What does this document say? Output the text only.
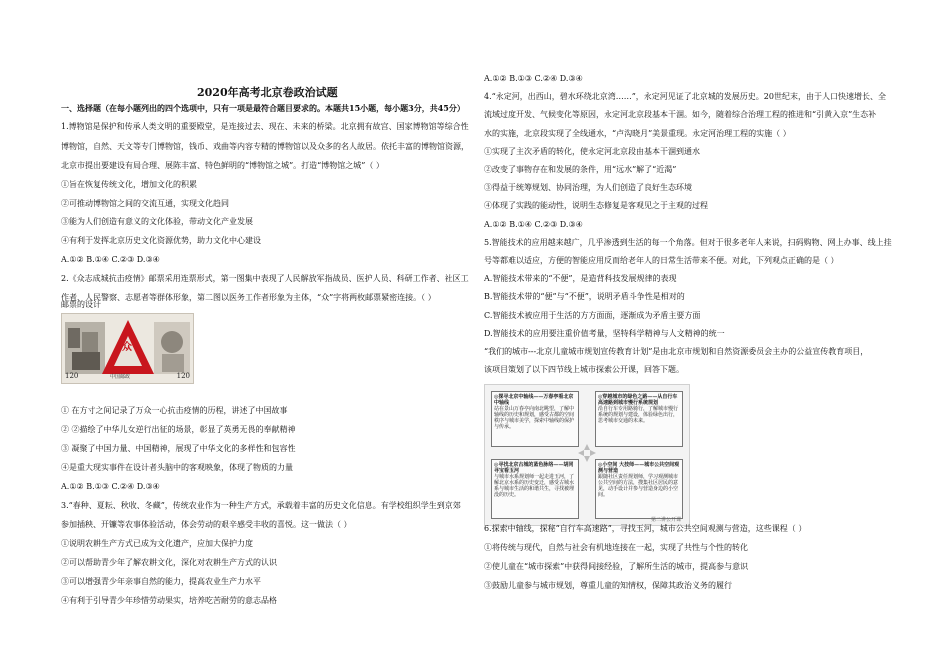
2020年高考北京卷政治试题
一、选择题（在每小题列出的四个选项中，只有一项是最符合题目要求的。本题共15小题，每小题3分，共45分）
1.博物馆是保护和传承人类文明的重要殿堂，是连接过去、现在、未来的桥梁。北京拥有故宫、国家博物馆等综合性
博物馆，自然、天文等专门博物馆，钱币、戏曲等内容专精的博物馆以及众多的名人故居。依托丰富的博物馆资源，
北京市提出要建设有局合理、展陈丰富、特色鲜明的“博物馆之城”。打造“博物馆之城”（ ）
①旨在恢复传统文化，增加文化的积累
②可推动博物馆之间的交流互通，实现文化趋同
③能为人们创造有意义的文化体验，带动文化产业发展
④有利于发挥北京历史文化资源优势，助力文化中心建设
A.①② B.①④ C.②③ D.③④
2.《众志成城抗击疫情》邮票采用连票形式，第一图集中表现了人民解放军指战员、医护人员、科研工作者、社区工
作者、人民警察、志愿者等群体形象，第二图以医务工作者形象为主体，“众”字将两枚邮票紧密连接。（ ）
邮票的设计
120	120
中国邮政
众
① 在方寸之间记录了万众一心抗击疫情的历程，讲述了中国故事
② ②描绘了中华儿女逆行出征的场景，彰显了英勇无畏的奉献精神
③ 凝聚了中国力量、中国精神，展现了中华文化的多样性和包容性
④是重大现实事件在设计者头脑中的客观映象，体现了物质的力量
A.①② B.①③ C.②④ D.③④
3.“春种、夏耘、秋收、冬藏”，传统农业作为一种生产方式，承载着丰富的历史文化信息。有学校组织学生到京郊
参加插秧、开镰等农事体验活动，体会劳动的艰辛感受丰收的喜悦。这一做法（ ）
①说明农耕生产方式已成为文化遗产，应加大保护力度
②可以帮助青少年了解农耕文化，深化对农耕生产方式的认识
③可以增强青少年亲事自然的能力，提高农业生产力水平
④有利于引导青少年珍惜劳动果实，培养吃苦耐劳的意志品格
A.①② B.①③ C.②④ D.③④
4.“永定河，出西山，碧水环绕北京湾……”，永定河见证了北京城的发展历史。20世纪末，由于人口快速增长、全
流域过度开发、气候变化等原因，永定河北京段基本干涸。如今，随着综合治理工程的推进和“引黄入京”生态补
水的实施，北京段实现了全线通水，“卢沟晓月”美景重现。永定河治理工程的实施（ ）
①实现了主次矛盾的转化，使永定河北京段由基本干涸到通水
②改变了事物存在和发展的条件，用“远水”解了“近渴”
③得益于统筹规划、协同治理，为人们创造了良好生态环境
④体现了实践的能动性，说明生态修复是客观见之于主观的过程
A.①② B.①④ C.②③ D.③④
5.智能技术的应用越来越广，几乎渗透到生活的每一个角落。但对于很多老年人来说，扫码购物、网上办事、线上挂
号等都难以适应，方便的智能应用反而给老年人的日常生活带来不便。对此，下列观点正确的是（ ）
A.智能技术带来的“不便”，是造背科技发展规律的表现
B.智能技术带的“便”与“不便”，说明矛盾斗争性是相对的
C.智能技术被应用于生活的方方面面，逐渐成为矛盾主要方面
D.智能技术的应用要注重价值考量，坚特科学精神与人文精神的统一
◎探寻北京中轴线——万春亭看北京中轴线
站在景山万春亭向南北眺望，了解中轴线的历史和规划，感受古都的空间秩序与城市美学，探索中轴线的保护与传承。
◎穿越城市的绿色之路——从自行车高速路到城市慢行系统规划
沿自行车专用路骑行，了解城市慢行系统的规划与建设，体验绿色出行，思考城市交通的未来。
◎寻找北京古城的蓝色脉络——胡同寻宝看玉河
与城市水系规划师一起走进玉河，了解北京水系的历史变迁，感受古城水系与城市生活的和谐共生，寻找被埋没的历史。
◎小空间 大技师——城市公共空间观测与营造
跟随社区责任规划师，学习观测城市公共空间的方法，搜集社区居民的意见，动手设计并参与营造身边的小空间。
第二讲公开课
6.探索中轴线，探秘“自行车高速路”，寻找玉河，城市公共空间观测与营造，这些课程（ ）
①将传统与现代，自然与社会有机地连接在一起，实现了共性与个性的转化
②使儿童在“城市探索”中获得间接经验，了解所生活的城市，提高参与意识
③鼓励儿童参与城市规划，尊重儿童的知情权，保障其政治义务的履行
“我们的城市---北京儿童城市规划宣传教育计划”是由北京市规划和自然资源委员会主办的公益宣传教育项目，
该项目策划了以下四节线上城市探索公开课，回答下题。
